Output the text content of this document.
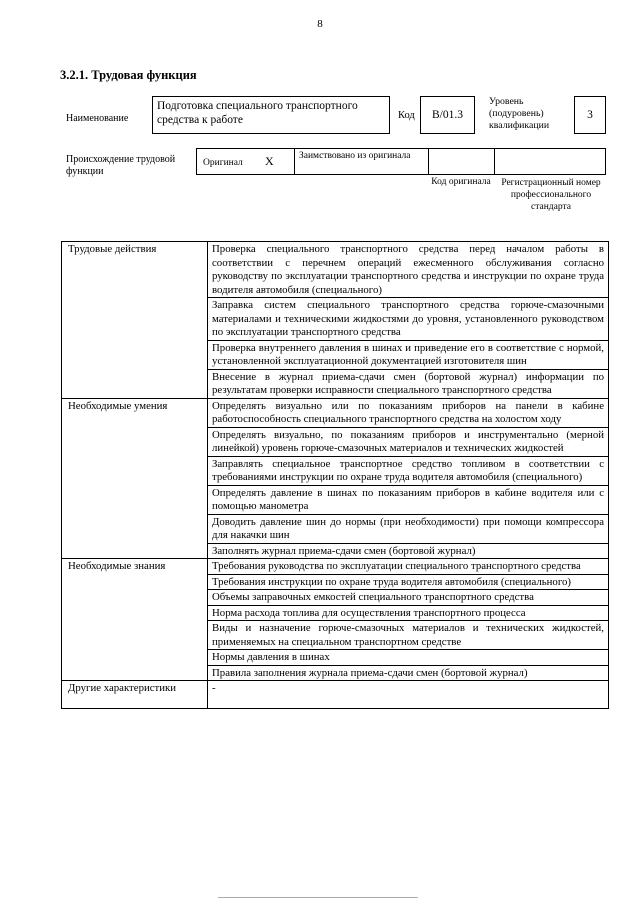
8
3.2.1. Трудовая функция
Наименование
Подготовка специального транспортного средства к работе	Код	B/01.3
Уровень (подуровень) квалификации
3
Происхождение трудовой функции
Оригинал X	Заимствовано из оригинала
Код оригинала	Регистрационный номер профессионального стандарта
Трудовые действия	Проверка специального транспортного средства перед началом работы в соответствии с перечнем операций ежесменного обслуживания согласно руководству по эксплуатации транспортного средства и инструкции по охране труда водителя автомобиля (специального)
	Заправка систем специального транспортного средства горюче-смазочными материалами и техническими жидкостями до уровня, установленного руководством по эксплуатации транспортного средства
	Проверка внутреннего давления в шинах и приведение его в соответствие с нормой, установленной эксплуатационной документацией изготовителя шин
	Внесение в журнал приема-сдачи смен (бортовой журнал) информации по результатам проверки исправности специального транспортного средства
Необходимые умения	Определять визуально или по показаниям приборов на панели в кабине работоспособность специального транспортного средства на холостом ходу
	Определять визуально, по показаниям приборов и инструментально (мерной линейкой) уровень горюче-смазочных материалов и технических жидкостей
	Заправлять специальное транспортное средство топливом в соответствии с требованиями инструкции по охране труда водителя автомобиля (специального)
	Определять давление в шинах по показаниям приборов в кабине водителя или с помощью манометра
	Доводить давление шин до нормы (при необходимости) при помощи компрессора для накачки шин
	Заполнять журнал приема-сдачи смен (бортовой журнал)
Необходимые знания	Требования руководства по эксплуатации специального транспортного средства
	Требования инструкции по охране труда водителя автомобиля (специального)
	Объемы заправочных емкостей специального транспортного средства
	Норма расхода топлива для осуществления транспортного процесса
	Виды и назначение горюче-смазочных материалов и технических жидкостей, применяемых на специальном транспортном средстве
	Нормы давления в шинах
	Правила заполнения журнала приема-сдачи смен (бортовой журнал)
Другие характеристики	-
